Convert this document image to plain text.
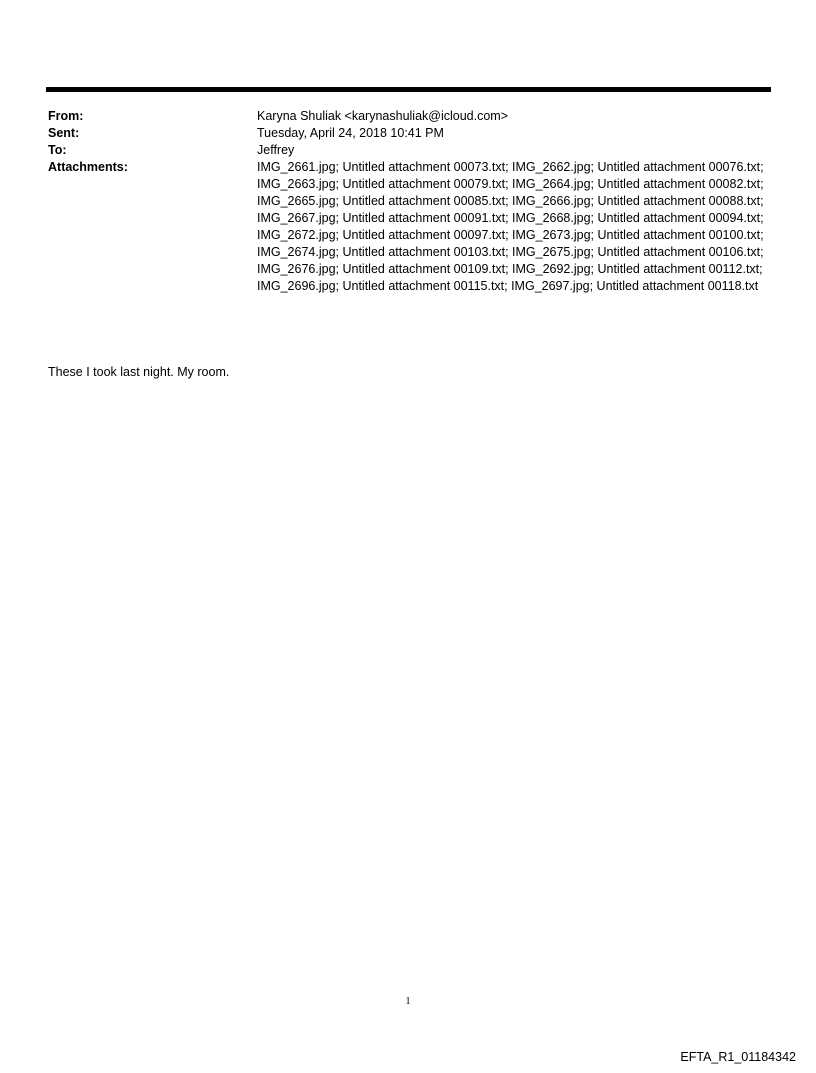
From:	Karyna Shuliak <karynashuliak@icloud.com>
Sent:	Tuesday, April 24, 2018 10:41 PM
To:	Jeffrey
Attachments:	IMG_2661.jpg; Untitled attachment 00073.txt; IMG_2662.jpg; Untitled attachment 00076.txt; IMG_2663.jpg; Untitled attachment 00079.txt; IMG_2664.jpg; Untitled attachment 00082.txt; IMG_2665.jpg; Untitled attachment 00085.txt; IMG_2666.jpg; Untitled attachment 00088.txt; IMG_2667.jpg; Untitled attachment 00091.txt; IMG_2668.jpg; Untitled attachment 00094.txt; IMG_2672.jpg; Untitled attachment 00097.txt; IMG_2673.jpg; Untitled attachment 00100.txt; IMG_2674.jpg; Untitled attachment 00103.txt; IMG_2675.jpg; Untitled attachment 00106.txt; IMG_2676.jpg; Untitled attachment 00109.txt; IMG_2692.jpg; Untitled attachment 00112.txt; IMG_2696.jpg; Untitled attachment 00115.txt; IMG_2697.jpg; Untitled attachment 00118.txt
These I took last night. My room.
1
EFTA_R1_01184342
